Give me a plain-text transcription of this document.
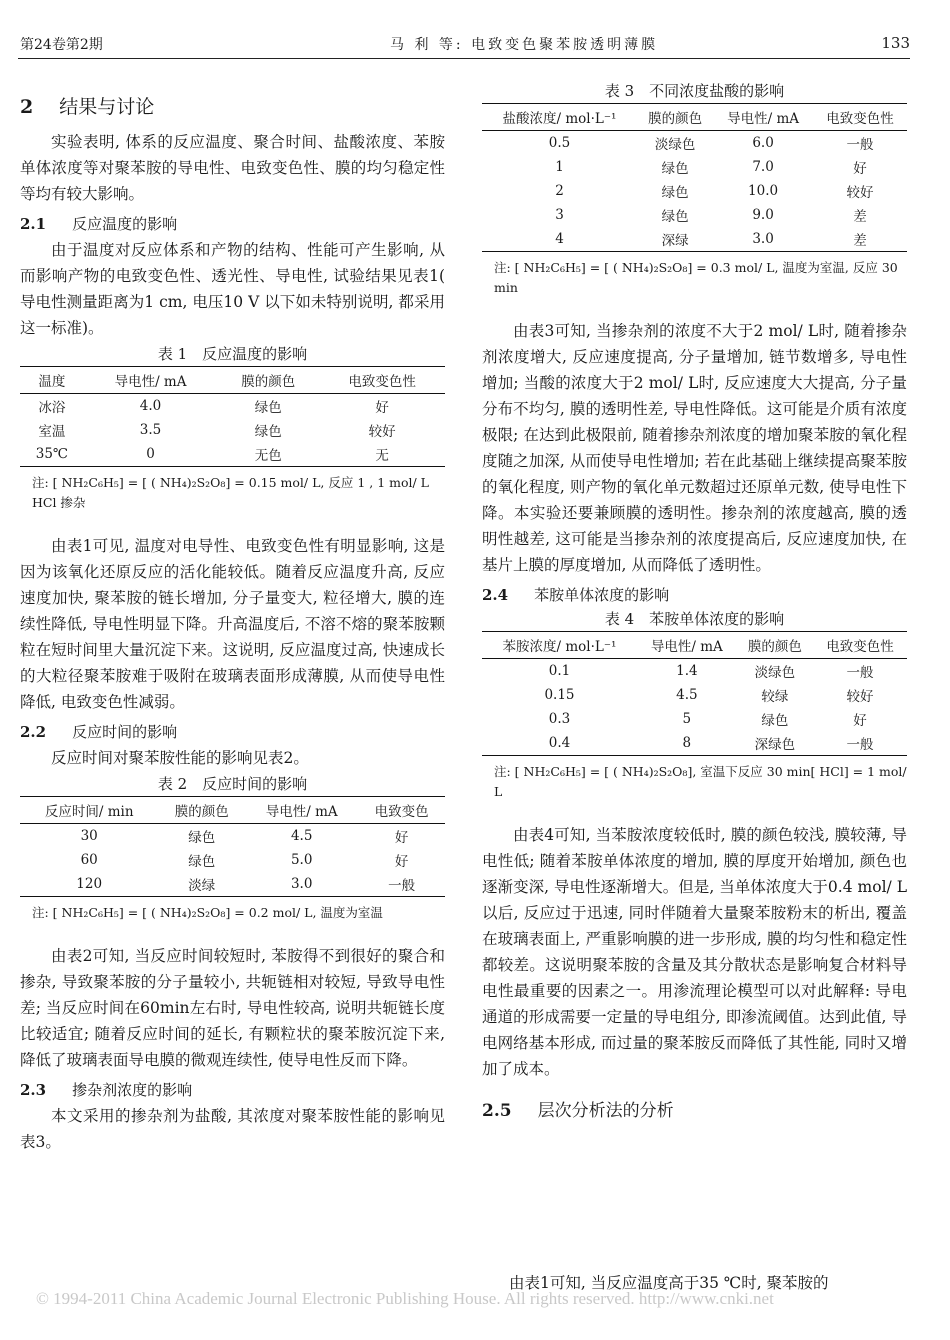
第24卷第2期	马 利 等: 电致变色聚苯胺透明薄膜	133
2 结果与讨论

实验表明, 体系的反应温度、聚合时间、盐酸浓度、苯胺单体浓度等对聚苯胺的导电性、电致变色性、膜的均匀稳定性等均有较大影响。

2.1 反应温度的影响

由于温度对反应体系和产物的结构、性能可产生影响, 从而影响产物的电致变色性、透光性、导电性, 试验结果见表1( 导电性测量距离为1 cm, 电压10 V 以下如未特别说明, 都采用这一标准)。

表 1　反应温度的影响
温度	导电性/ mA	膜的颜色	电致变色性
冰浴	4.0	绿色	好
室温	3.5	绿色	较好
35℃	0	无色	无
注: [ NH₂C₆H₅] = [ ( NH₄)₂S₂O₈] = 0.15 mol/ L, 反应 1 , 1 mol/ L HCl 掺杂

由表1可见, 温度对电导性、电致变色性有明显影响, 这是因为该氧化还原反应的活化能较低。随着反应温度升高, 反应速度加快, 聚苯胺的链长增加, 分子量变大, 粒径增大, 膜的连续性降低, 导电性明显下降。升高温度后, 不溶不熔的聚苯胺颗粒在短时间里大量沉淀下来。这说明, 反应温度过高, 快速成长的大粒径聚苯胺难于吸附在玻璃表面形成薄膜, 从而使导电性降低, 电致变色性减弱。

2.2 反应时间的影响

反应时间对聚苯胺性能的影响见表2。

表 2　反应时间的影响
反应时间/ min	膜的颜色	导电性/ mA	电致变色
30	绿色	4.5	好
60	绿色	5.0	好
120	淡绿	3.0	一般
注: [ NH₂C₆H₅] = [ ( NH₄)₂S₂O₈] = 0.2 mol/ L, 温度为室温

由表2可知, 当反应时间较短时, 苯胺得不到很好的聚合和掺杂, 导致聚苯胺的分子量较小, 共轭链相对较短, 导致导电性差; 当反应时间在60min左右时, 导电性较高, 说明共轭链长度比较适宜; 随着反应时间的延长, 有颗粒状的聚苯胺沉淀下来, 降低了玻璃表面导电膜的微观连续性, 使导电性反而下降。

2.3 掺杂剂浓度的影响

本文采用的掺杂剂为盐酸, 其浓度对聚苯胺性能的影响见表3。

表 3　不同浓度盐酸的影响
盐酸浓度/ mol·L⁻¹	膜的颜色	导电性/ mA	电致变色性
0.5	淡绿色	6.0	一般
1	绿色	7.0	好
2	绿色	10.0	较好
3	绿色	9.0	差
4	深绿	3.0	差
注: [ NH₂C₆H₅] = [ ( NH₄)₂S₂O₈] = 0.3 mol/ L, 温度为室温, 反应 30 min

由表3可知, 当掺杂剂的浓度不大于2 mol/ L时, 随着掺杂剂浓度增大, 反应速度提高, 分子量增加, 链节数增多, 导电性增加; 当酸的浓度大于2 mol/ L时, 反应速度大大提高, 分子量分布不均匀, 膜的透明性差, 导电性降低。这可能是介质有浓度极限; 在达到此极限前, 随着掺杂剂浓度的增加聚苯胺的氧化程度随之加深, 从而使导电性增加; 若在此基础上继续提高聚苯胺的氧化程度, 则产物的氧化单元数超过还原单元数, 使导电性下降。本实验还要兼顾膜的透明性。掺杂剂的浓度越高, 膜的透明性越差, 这可能是当掺杂剂的浓度提高后, 反应速度加快, 在基片上膜的厚度增加, 从而降低了透明性。

2.4 苯胺单体浓度的影响
表 4　苯胺单体浓度的影响
苯胺浓度/ mol·L⁻¹	导电性/ mA	膜的颜色	电致变色性
0.1	1.4	淡绿色	一般
0.15	4.5	较绿	较好
0.3	5	绿色	好
0.4	8	深绿色	一般
注: [ NH₂C₆H₅] = [ ( NH₄)₂S₂O₈], 室温下反应 30 min[ HCl] = 1 mol/ L

由表4可知, 当苯胺浓度较低时, 膜的颜色较浅, 膜较薄, 导电性低; 随着苯胺单体浓度的增加, 膜的厚度开始增加, 颜色也逐渐变深, 导电性逐渐增大。但是, 当单体浓度大于0.4 mol/ L以后, 反应过于迅速, 同时伴随着大量聚苯胺粉末的析出, 覆盖在玻璃表面上, 严重影响膜的进一步形成, 膜的均匀性和稳定性都较差。这说明聚苯胺的含量及其分散状态是影响复合材料导电性最重要的因素之一。用渗流理论模型可以对此解释: 导电通道的形成需要一定量的导电组分, 即渗流阈值。达到此值, 导电网络基本形成, 而过量的聚苯胺反而降低了其性能, 同时又增加了成本。

2.5 层次分析法的分析
由表1可知, 当反应温度高于35 ℃时, 聚苯胺的
© 1994-2011 China Academic Journal Electronic Publishing House. All rights reserved. http://www.cnki.net
